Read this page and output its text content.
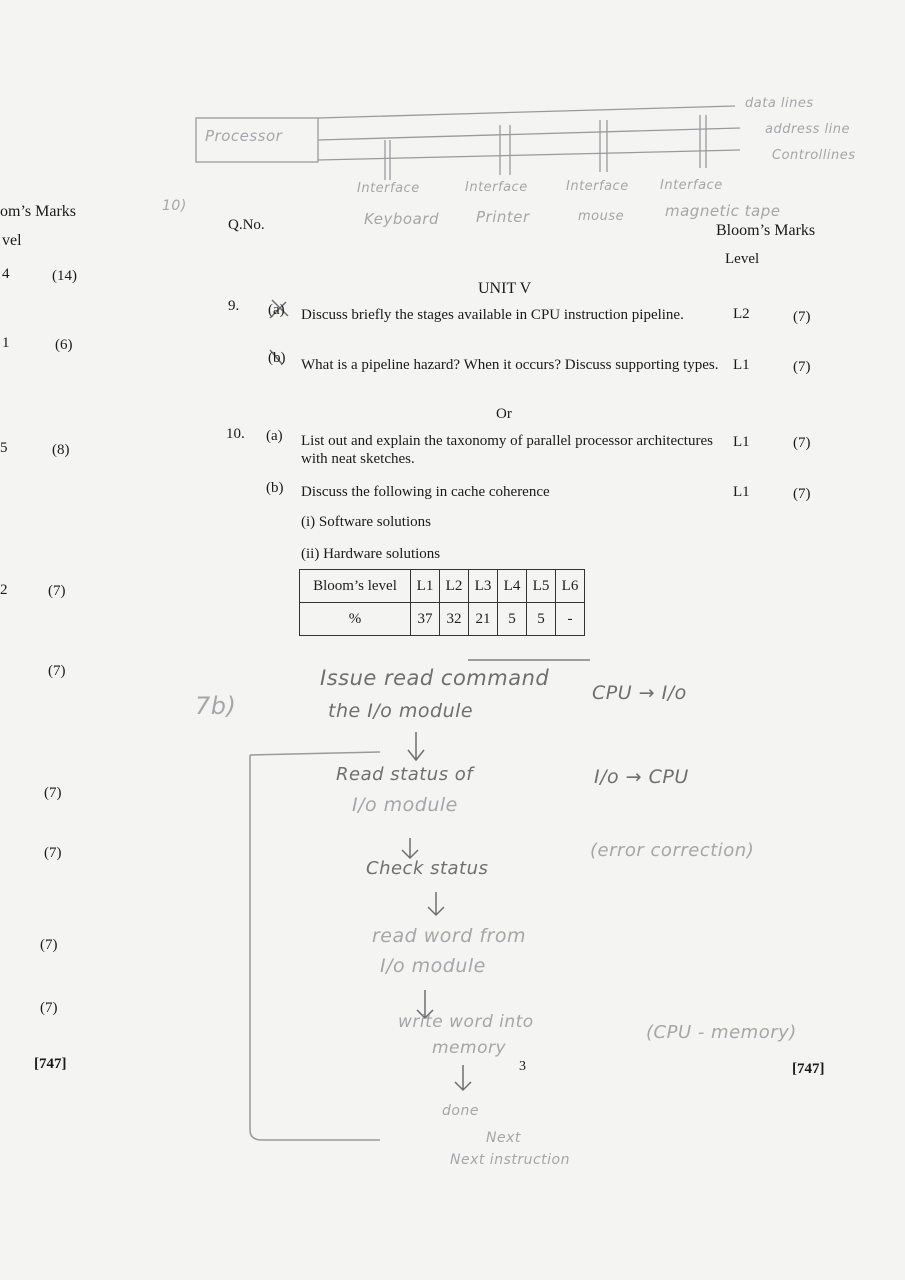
om’s Marks
vel
4	(14)
1	(6)
5	(8)
2	(7)
(7)
(7)
(7)
(7)
(7)
[747]
Q.No.	Bloom’s Marks
Level
UNIT V
9. (a) Discuss briefly the stages available in CPU instruction pipeline.	L2	(7)
(b) What is a pipeline hazard? When it occurs? Discuss supporting types. L1	(7)
Or
10. (a) List out and explain the taxonomy of parallel processor architectures with neat sketches.
L1	(7)
(b) Discuss the following in cache coherence	L1	(7)
(i) Software solutions
(ii) Hardware solutions
Bloom’s level	L1	L2	L3	L4	L5	L6
%	37	32	21	5	5	-
3	[747]
Processor
data lines
address line
Controllines
Interface	Interface	Interface Interface
Keyboard Printer	mouse	magnetic tape
10)
7b)
Issue read command
the I/o module
Read status of
I/o module
Check status
read word from
I/o module
write word into
memory
done
Next
Next instruction
CPU → I/o
I/o → CPU
(error correction)
(CPU - memory)
